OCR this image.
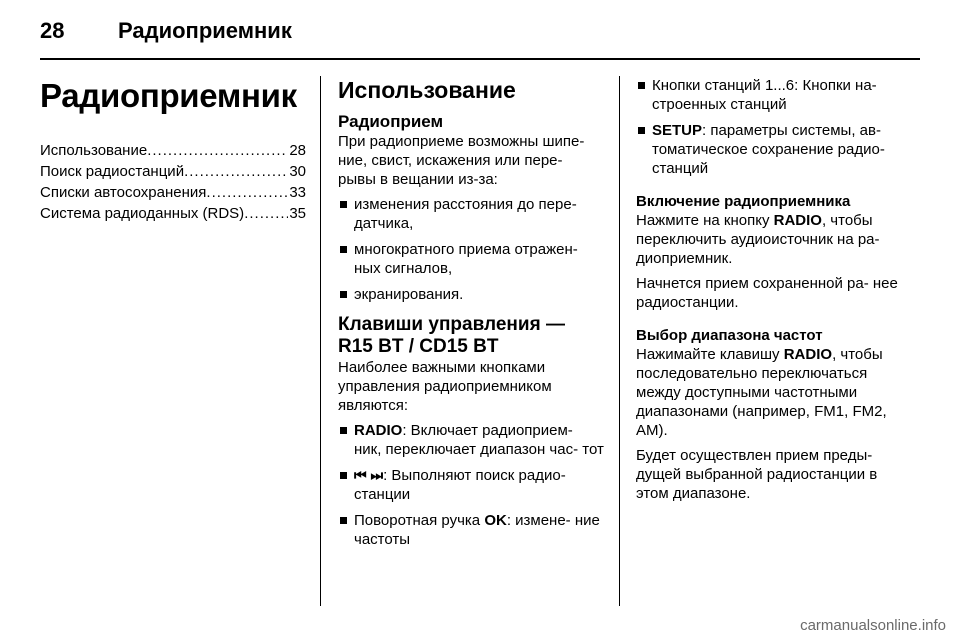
28 Радиоприемник
Радиоприемник
Использование .....	28
Поиск радиостанций .....	30
Списки автосохранения .....	33
Система радиоданных (RDS) .....	35
Использование
Радиоприем

При радиоприеме возможны шипе- ние, свист, искажения или пере- рывы в вещании из-за:

изменения расстояния до пере- датчика,
многократного приема отражен- ных сигналов,
экранирования.
Клавиши управления —
R15 BT / CD15 BT

Наиболее важными кнопками управления радиоприемником являются:

RADIO: Включает радиоприем- ник, переключает диапазон час- тот
⏮ ⏭: Выполняют поиск радио- станции
Поворотная ручка OK: измене- ние частоты
Кнопки станций 1...6: Кнопки на- строенных станций
SETUP: параметры системы, ав- томатическое сохранение радио- станций
Включение радиоприемника

Нажмите на кнопку RADIO, чтобы переключить аудиоисточник на ра- диоприемник.

Начнется прием сохраненной ра- нее радиостанции.

Выбор диапазона частот

Нажимайте клавишу RADIO, чтобы последовательно переключаться между доступными частотными диапазонами (например, FM1, FM2, AM).

Будет осуществлен прием преды- дущей выбранной радиостанции в этом диапазоне.

carmanualsonline.info
